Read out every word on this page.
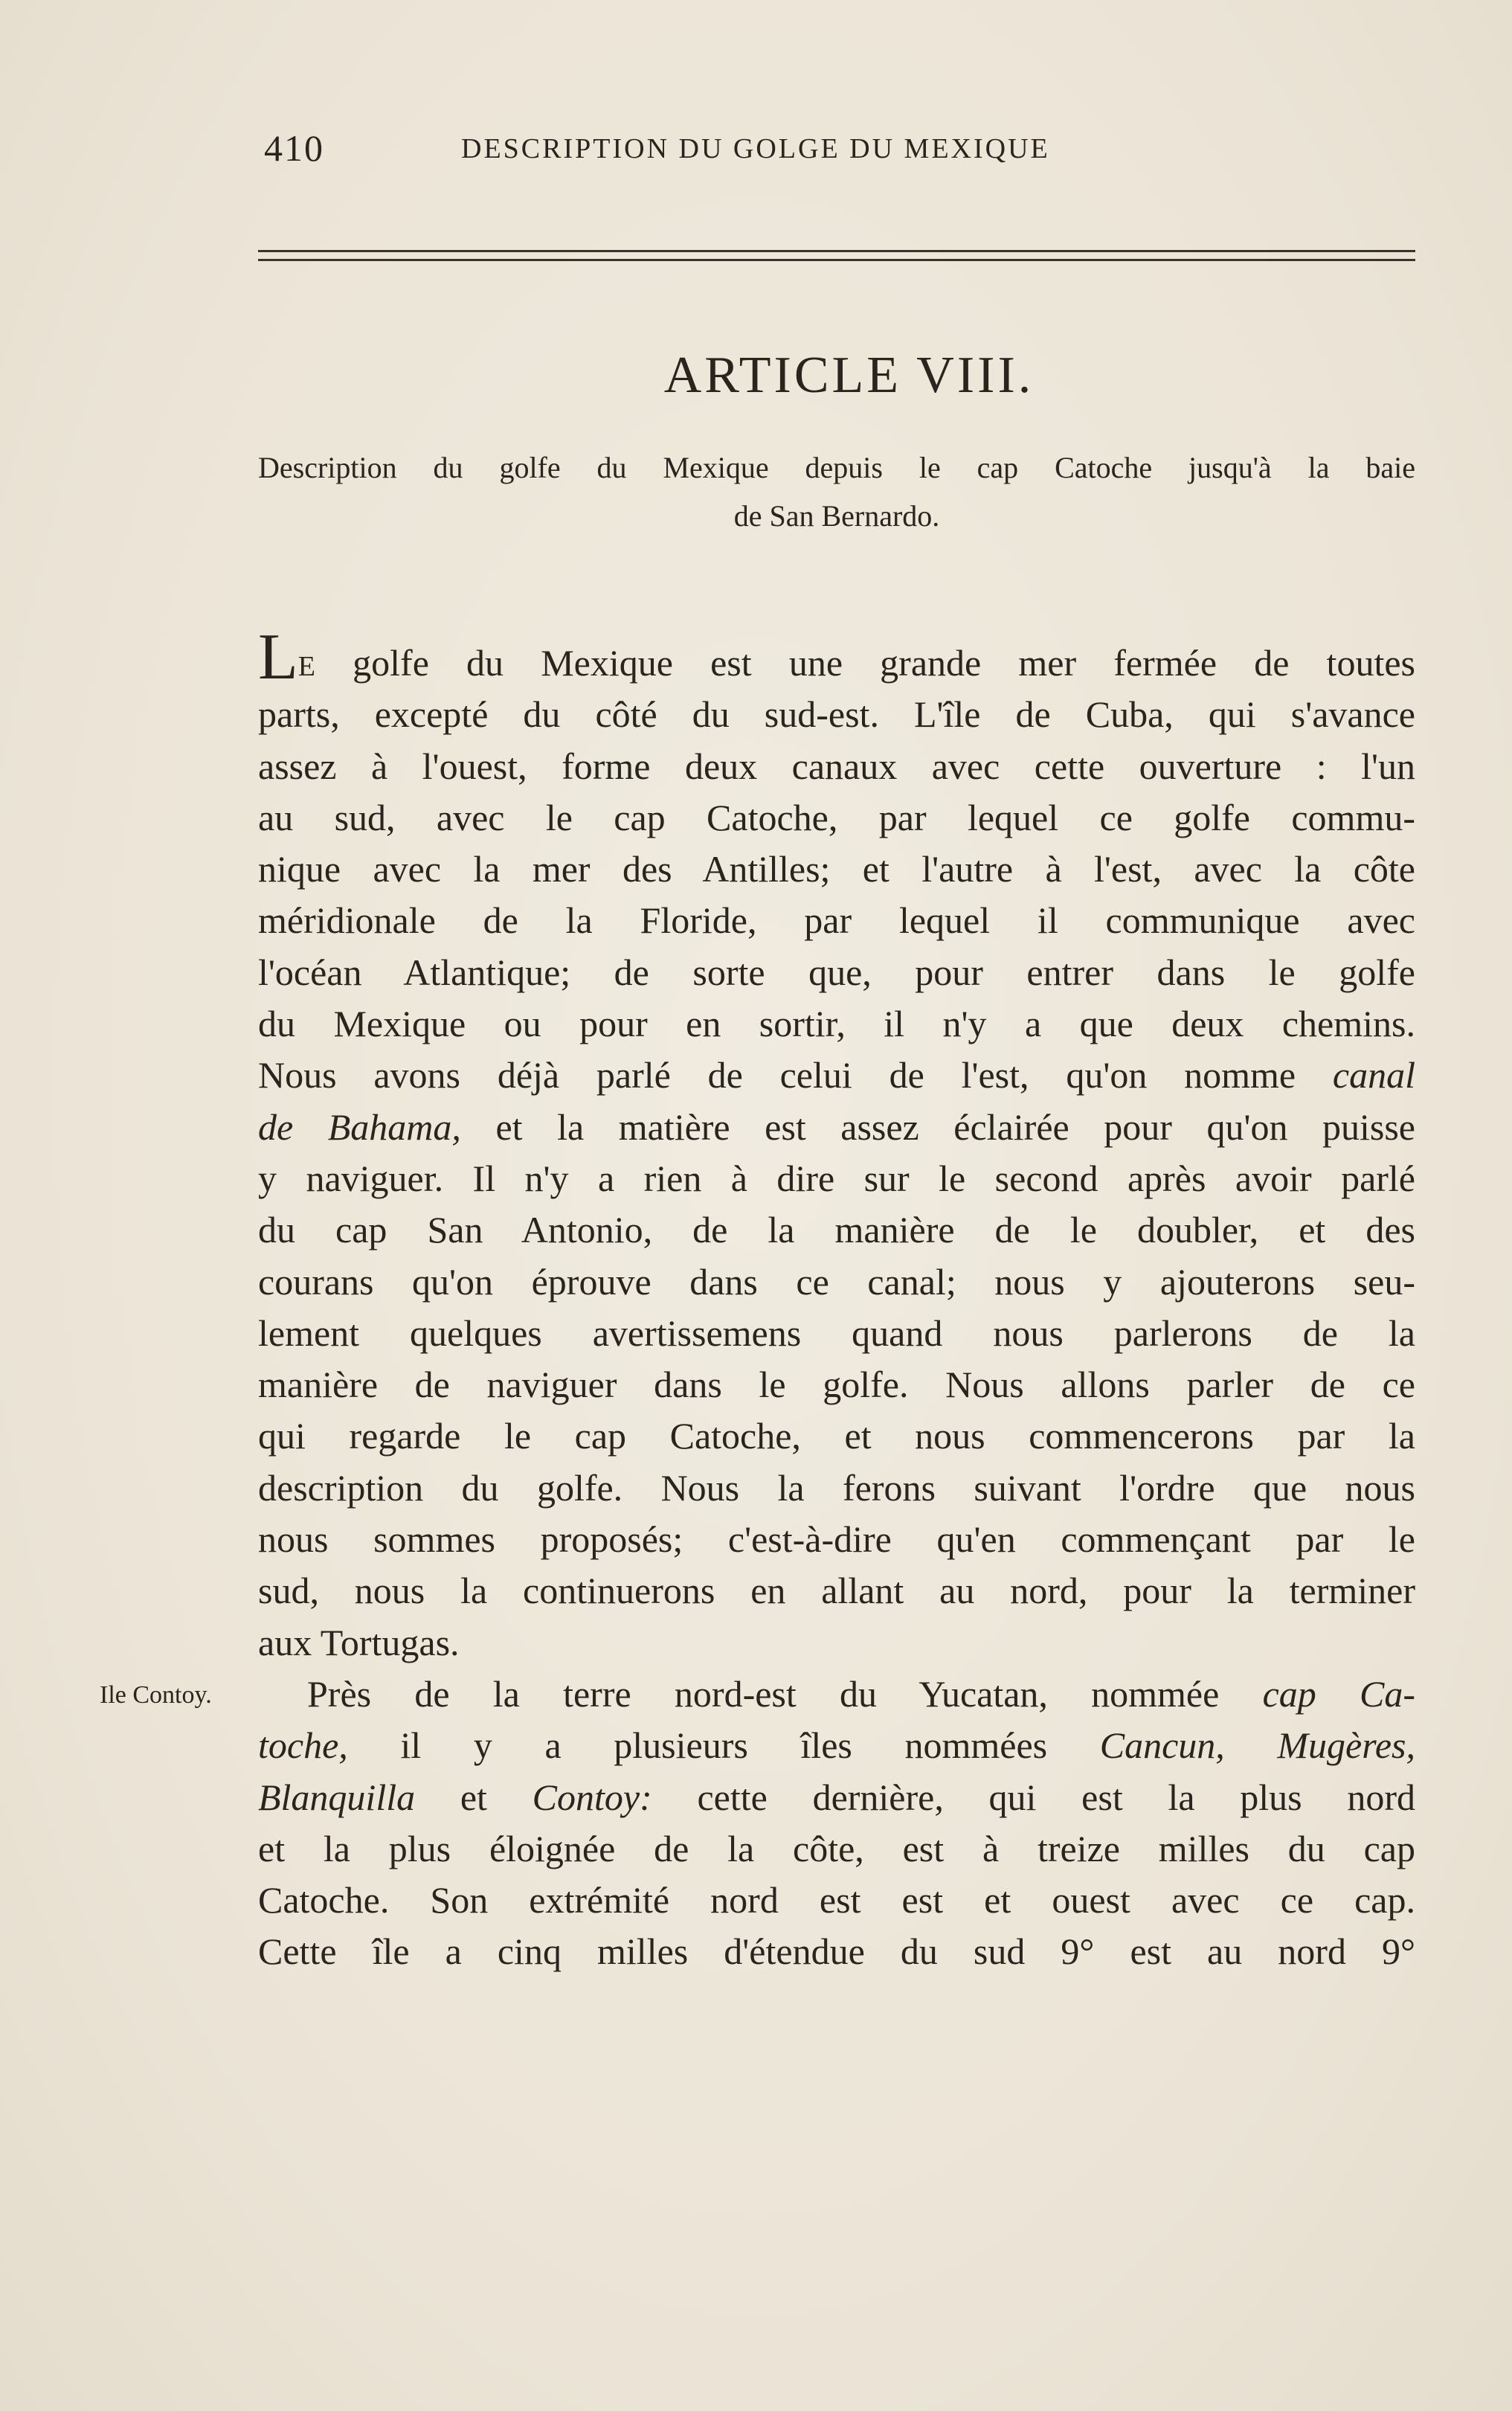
410	DESCRIPTION DU GOLGE DU MEXIQUE
ARTICLE VIII.
Description du golfe du Mexique depuis le cap Catoche jusqu'à la baie
de San Bernardo.
Ile Contoy.
LE golfe du Mexique est une grande mer fermée de toutes
parts, excepté du côté du sud-est. L'île de Cuba, qui s'avance
assez à l'ouest, forme deux canaux avec cette ouverture : l'un
au sud, avec le cap Catoche, par lequel ce golfe commu-
nique avec la mer des Antilles; et l'autre à l'est, avec la côte
méridionale de la Floride, par lequel il communique avec
l'océan Atlantique; de sorte que, pour entrer dans le golfe
du Mexique ou pour en sortir, il n'y a que deux chemins.
Nous avons déjà parlé de celui de l'est, qu'on nomme canal
de Bahama, et la matière est assez éclairée pour qu'on puisse
y naviguer. Il n'y a rien à dire sur le second après avoir parlé
du cap San Antonio, de la manière de le doubler, et des
courans qu'on éprouve dans ce canal; nous y ajouterons seu-
lement quelques avertissemens quand nous parlerons de la
manière de naviguer dans le golfe. Nous allons parler de ce
qui regarde le cap Catoche, et nous commencerons par la
description du golfe. Nous la ferons suivant l'ordre que nous
nous sommes proposés; c'est-à-dire qu'en commençant par le
sud, nous la continuerons en allant au nord, pour la terminer
aux Tortugas.
Près de la terre nord-est du Yucatan, nommée cap Ca-
toche, il y a plusieurs îles nommées Cancun, Mugères,
Blanquilla et Contoy: cette dernière, qui est la plus nord
et la plus éloignée de la côte, est à treize milles du cap
Catoche. Son extrémité nord est est et ouest avec ce cap.
Cette île a cinq milles d'étendue du sud 9° est au nord 9°
